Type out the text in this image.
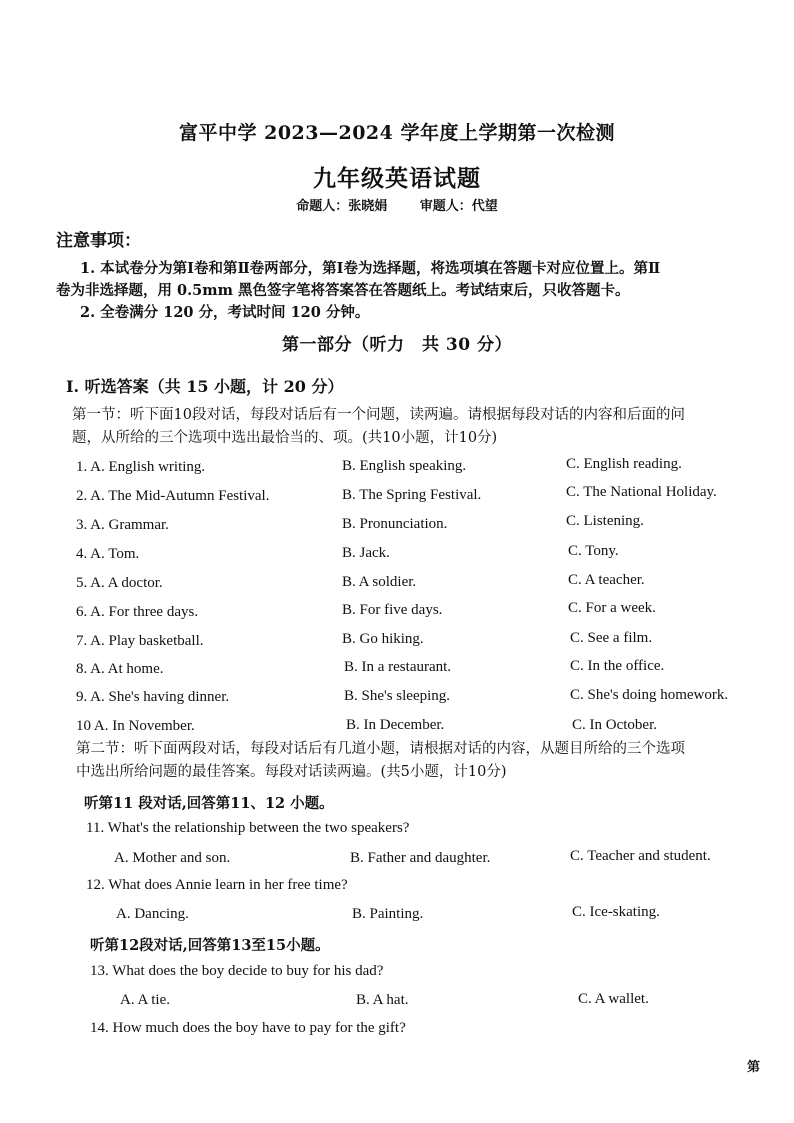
富平中学 2023—2024 学年度上学期第一次检测
九年级英语试题
命题人：张晓娟	审题人：代望
注意事项：
1. 本试卷分为第Ⅰ卷和第Ⅱ卷两部分，第Ⅰ卷为选择题，将选项填在答题卡对应位置上。第Ⅱ
卷为非选择题，用 0.5mm 黑色签字笔将答案答在答题纸上。考试结束后，只收答题卡。
2. 全卷满分 120 分，考试时间 120 分钟。
第一部分（听力　共 30 分）
Ⅰ. 听选答案（共 15 小题，计 20 分）
第一节：听下面10段对话，每段对话后有一个问题，读两遍。请根据每段对话的内容和后面的问
题，从所给的三个选项中选出最恰当的、项。(共10小题，计10分)
1. A. English writing.	B. English speaking.	C. English reading.
2. A. The Mid-Autumn Festival.	B. The Spring Festival.	C. The National Holiday.
3. A. Grammar.	B. Pronunciation.	C. Listening.
4. A. Tom.	B. Jack.	C. Tony.
5. A. A doctor.	B. A soldier.	C. A teacher.
6. A. For three days.	B. For five days.	C. For a week.
7. A. Play basketball.	B. Go hiking.	C. See a film.
8. A. At home.	B. In a restaurant.	C. In the office.
9. A. She's having dinner.	B. She's sleeping.	C. She's doing homework.
10 A. In November.	B. In December.	C. In October.
第二节：听下面两段对话，每段对话后有几道小题，请根据对话的内容，从题目所给的三个选项
中选出所给问题的最佳答案。每段对话读两遍。(共5小题，计10分)
听第11 段对话,回答第11、12 小题。
11. What's the relationship between the two speakers?
A. Mother and son.	B. Father and daughter.	C. Teacher and student.
12. What does Annie learn in her free time?
A. Dancing.	B. Painting.	C. Ice-skating.
听第12段对话,回答第13至15小题。
13. What does the boy decide to buy for his dad?
A. A tie.	B. A hat.	C. A wallet.
14. How much does the boy have to pay for the gift?
第
